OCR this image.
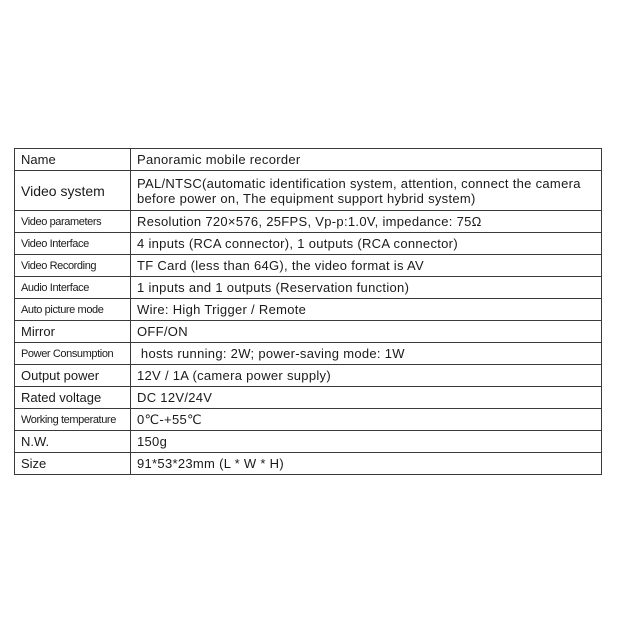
Name	Panoramic mobile recorder
Video system	PAL/NTSC(automatic identification system, attention, connect the camera before power on, The equipment support hybrid system)
Video parameters	Resolution 720×576, 25FPS, Vp-p:1.0V, impedance: 75Ω
Video Interface	4 inputs (RCA connector), 1 outputs (RCA connector)
Video Recording	TF Card (less than 64G), the video format is AV
Audio Interface	1 inputs and 1 outputs (Reservation function)
Auto picture mode	Wire: High Trigger / Remote
Mirror	OFF/ON
Power Consumption	hosts running: 2W; power-saving mode: 1W
Output power	12V / 1A (camera power supply)
Rated voltage	DC 12V/24V
Working temperature	0℃-+55℃
N.W.	150g
Size	91*53*23mm (L * W * H)
